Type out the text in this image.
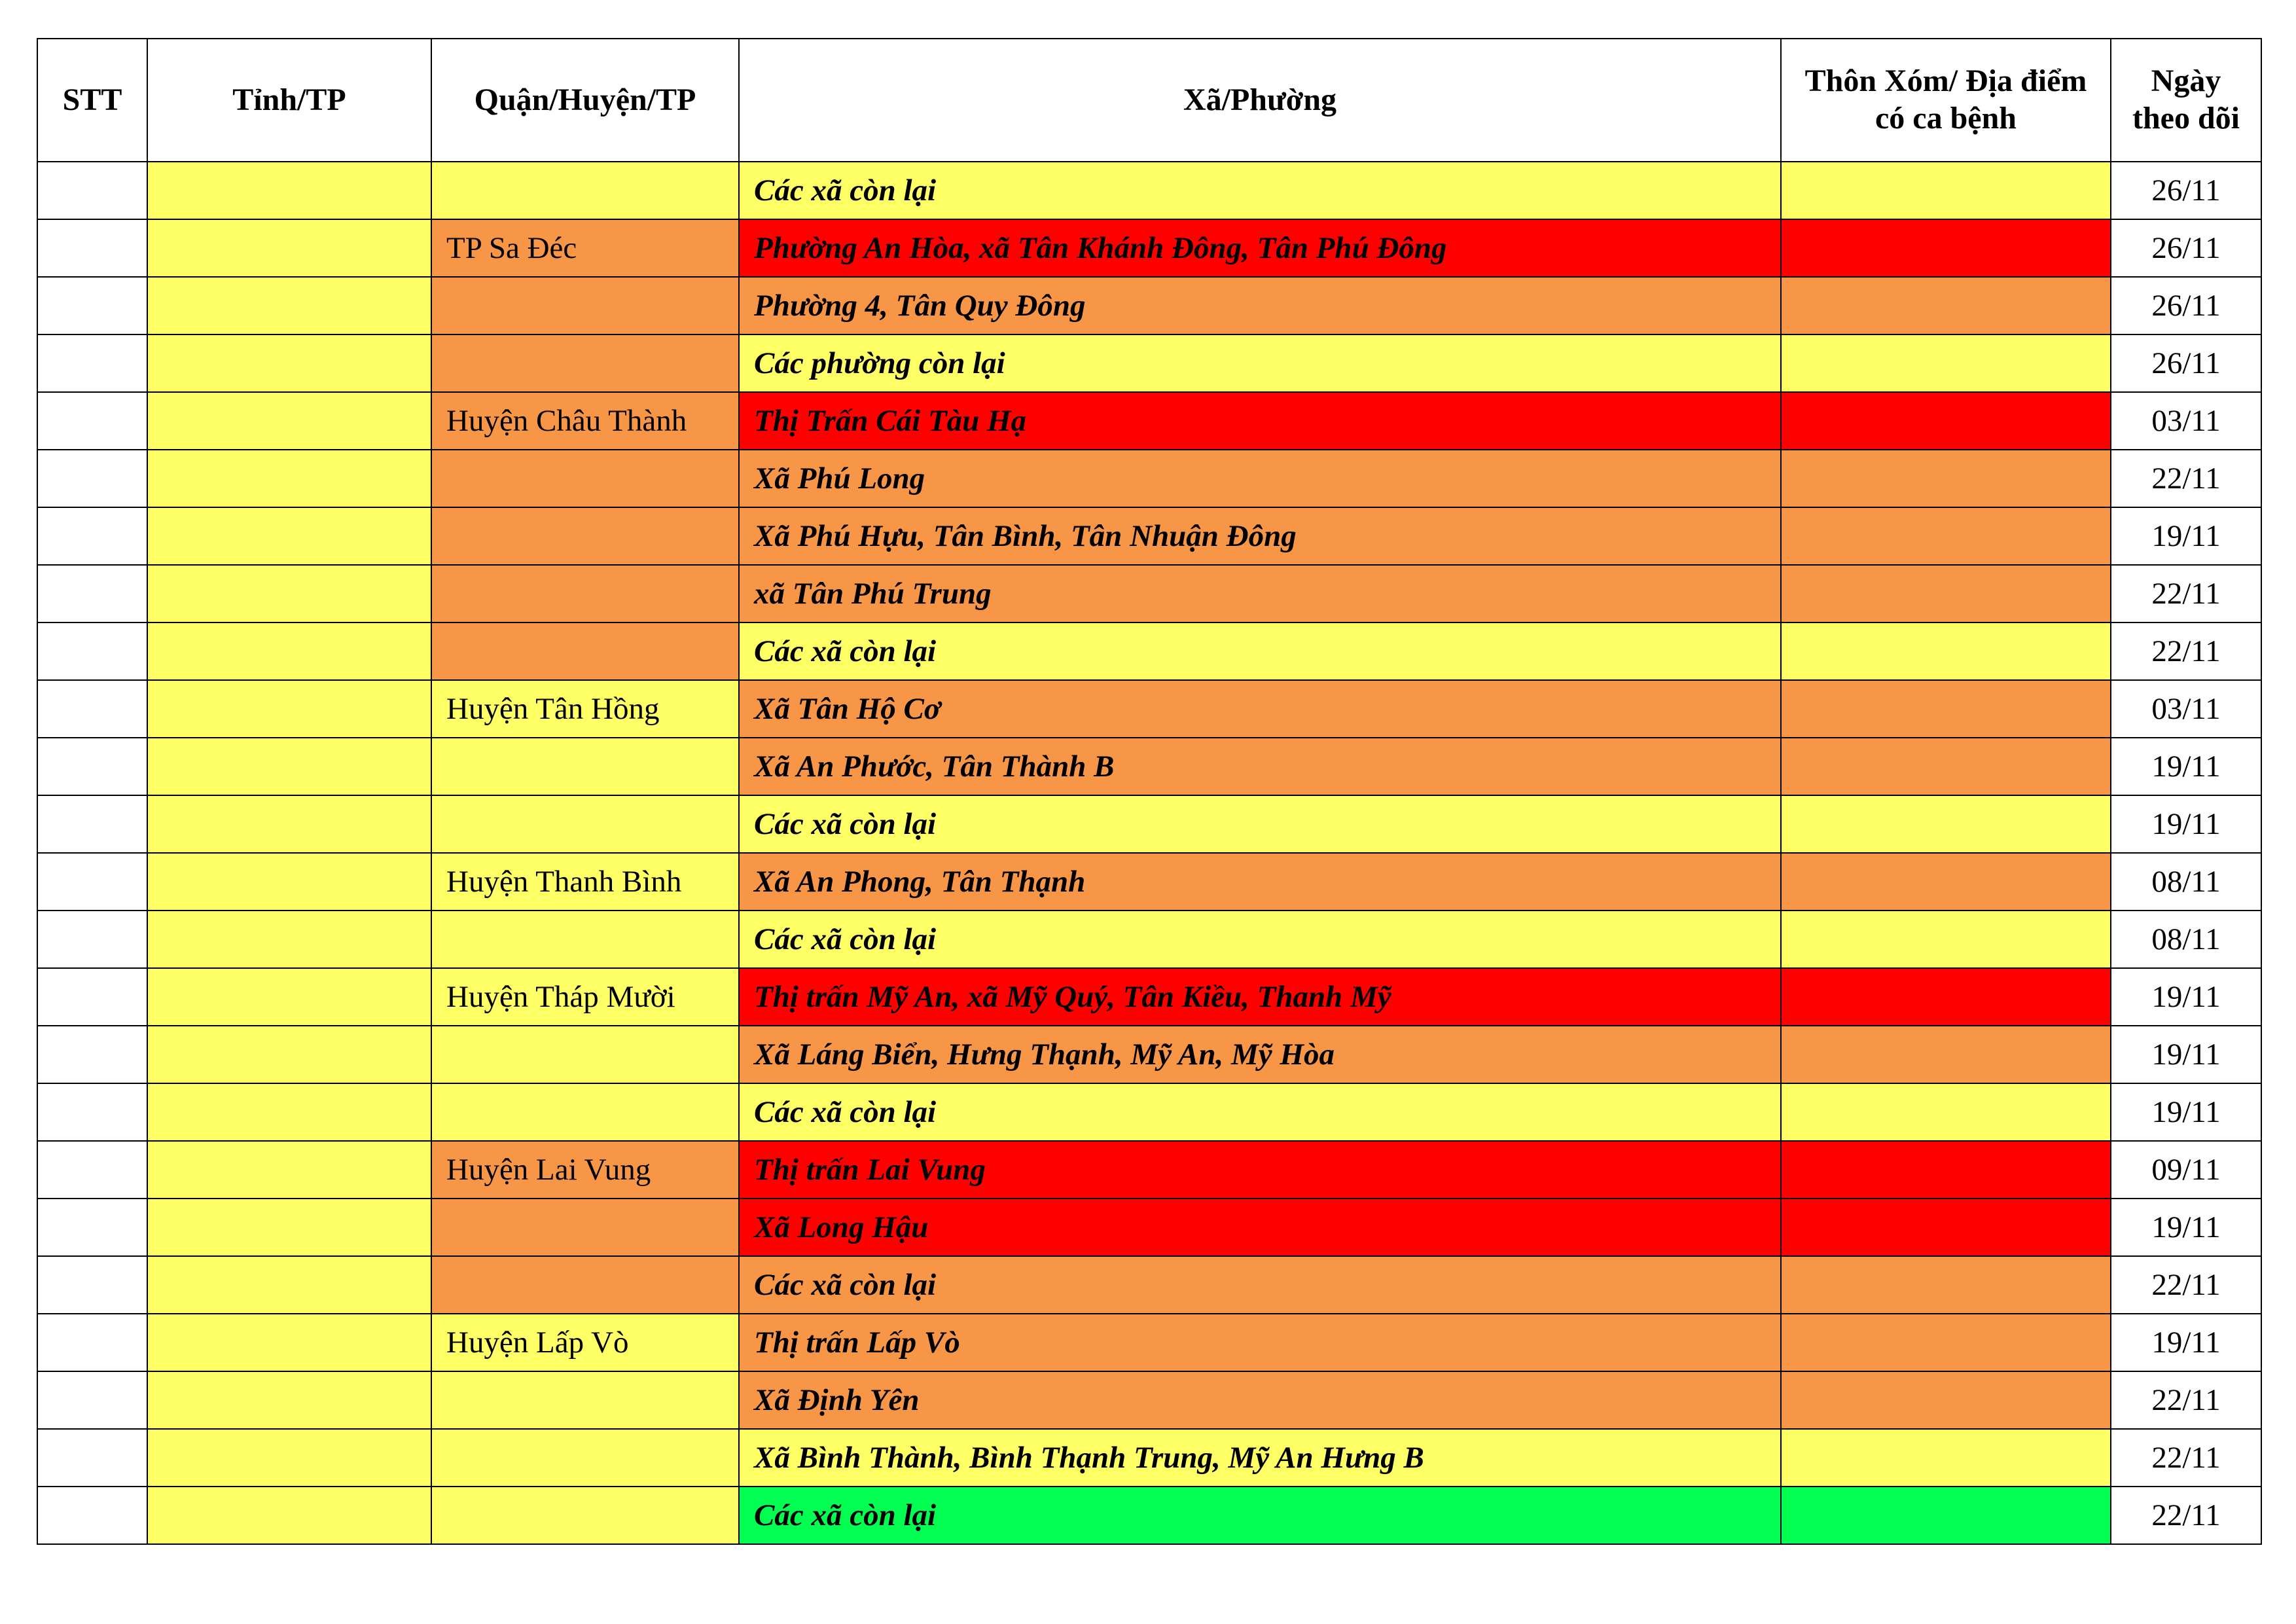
STT	Tỉnh/TP	Quận/Huyện/TP	Xã/Phường	Thôn Xóm/ Địa điểm có ca bệnh	Ngày theo dõi
			Các xã còn lại		26/11
		TP Sa Đéc	Phường An Hòa, xã Tân Khánh Đông, Tân Phú Đông		26/11
			Phường 4, Tân Quy Đông		26/11
			Các phường còn lại		26/11
		Huyện Châu Thành	Thị Trấn Cái Tàu Hạ		03/11
			Xã Phú Long		22/11
			Xã Phú Hựu, Tân Bình, Tân Nhuận Đông		19/11
			xã Tân Phú Trung		22/11
			Các xã còn lại		22/11
		Huyện Tân Hồng	Xã Tân Hộ Cơ		03/11
			Xã An Phước, Tân Thành B		19/11
			Các xã còn lại		19/11
		Huyện Thanh Bình	Xã An Phong, Tân Thạnh		08/11
			Các xã còn lại		08/11
		Huyện Tháp Mười	Thị trấn Mỹ An, xã Mỹ Quý, Tân Kiều, Thanh Mỹ		19/11
			Xã Láng Biển, Hưng Thạnh, Mỹ An, Mỹ Hòa		19/11
			Các xã còn lại		19/11
		Huyện Lai Vung	Thị trấn Lai Vung		09/11
			Xã Long Hậu		19/11
			Các xã còn lại		22/11
		Huyện Lấp Vò	Thị trấn Lấp Vò		19/11
			Xã Định Yên		22/11
			Xã Bình Thành, Bình Thạnh Trung, Mỹ An Hưng B		22/11
			Các xã còn lại		22/11
